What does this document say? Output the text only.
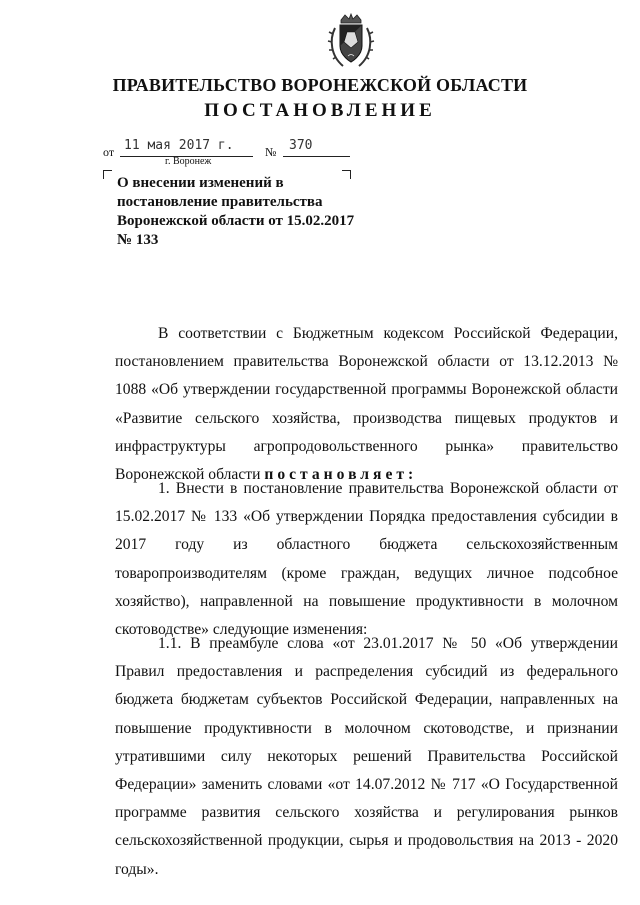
ПРАВИТЕЛЬСТВО ВОРОНЕЖСКОЙ ОБЛАСТИ
ПОСТАНОВЛЕНИЕ
от 11 мая 2017 г.	№ 370
г. Воронеж
О внесении изменений в постановление правительства Воронежской области от 15.02.2017 № 133
В соответствии с Бюджетным кодексом Российской Федерации, постановлением правительства Воронежской области от 13.12.2013 № 1088 «Об утверждении государственной программы Воронежской области «Развитие сельского хозяйства, производства пищевых продуктов и инфраструктуры агропродовольственного рынка» правительство Воронежской области постановляет:
1. Внести в постановление правительства Воронежской области от 15.02.2017 № 133 «Об утверждении Порядка предоставления субсидии в 2017 году из областного бюджета сельскохозяйственным товаропроизводителям (кроме граждан, ведущих личное подсобное хозяйство), направленной на повышение продуктивности в молочном скотоводстве» следующие изменения:
1.1. В преамбуле слова «от 23.01.2017 № 50 «Об утверждении Правил предоставления и распределения субсидий из федерального бюджета бюджетам субъектов Российской Федерации, направленных на повышение продуктивности в молочном скотоводстве, и признании утратившими силу некоторых решений Правительства Российской Федерации» заменить словами «от 14.07.2012 № 717 «О Государственной программе развития сельского хозяйства и регулирования рынков сельскохозяйственной продукции, сырья и продовольствия на 2013 - 2020 годы».
